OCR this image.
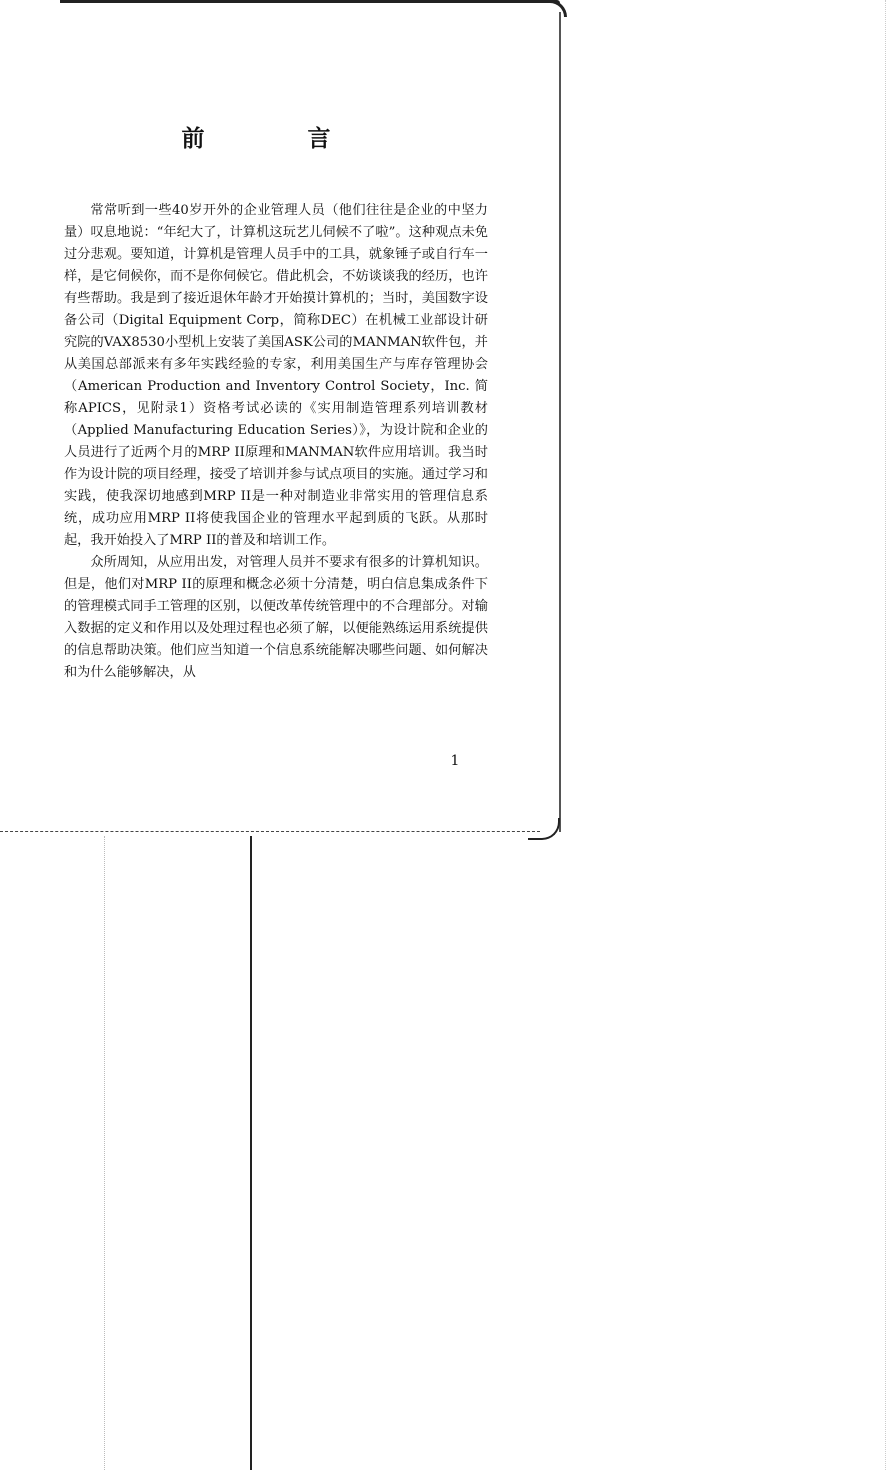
前　言

常常听到一些40岁开外的企业管理人员（他们往往是企业的中坚力量）叹息地说：“年纪大了，计算机这玩艺儿伺候不了啦”。这种观点未免过分悲观。要知道，计算机是管理人员手中的工具，就象锤子或自行车一样，是它伺候你，而不是你伺候它。借此机会，不妨谈谈我的经历，也许有些帮助。我是到了接近退休年龄才开始摸计算机的；当时，美国数字设备公司（Digital Equipment Corp，简称DEC）在机械工业部设计研究院的VAX8530小型机上安装了美国ASK公司的MANMAN软件包，并从美国总部派来有多年实践经验的专家，利用美国生产与库存管理协会（American Production and Inventory Control Society，Inc. 简称APICS，见附录1）资格考试必读的《实用制造管理系列培训教材（Applied Manufacturing Education Series）》，为设计院和企业的人员进行了近两个月的MRP II原理和MANMAN软件应用培训。我当时作为设计院的项目经理，接受了培训并参与试点项目的实施。通过学习和实践，使我深切地感到MRP II是一种对制造业非常实用的管理信息系统，成功应用MRP II将使我国企业的管理水平起到质的飞跃。从那时起，我开始投入了MRP II的普及和培训工作。

众所周知，从应用出发，对管理人员并不要求有很多的计算机知识。但是，他们对MRP II的原理和概念必须十分清楚，明白信息集成条件下的管理模式同手工管理的区别，以便改革传统管理中的不合理部分。对输入数据的定义和作用以及处理过程也必须了解，以便能熟练运用系统提供的信息帮助决策。他们应当知道一个信息系统能解决哪些问题、如何解决和为什么能够解决，从

1
